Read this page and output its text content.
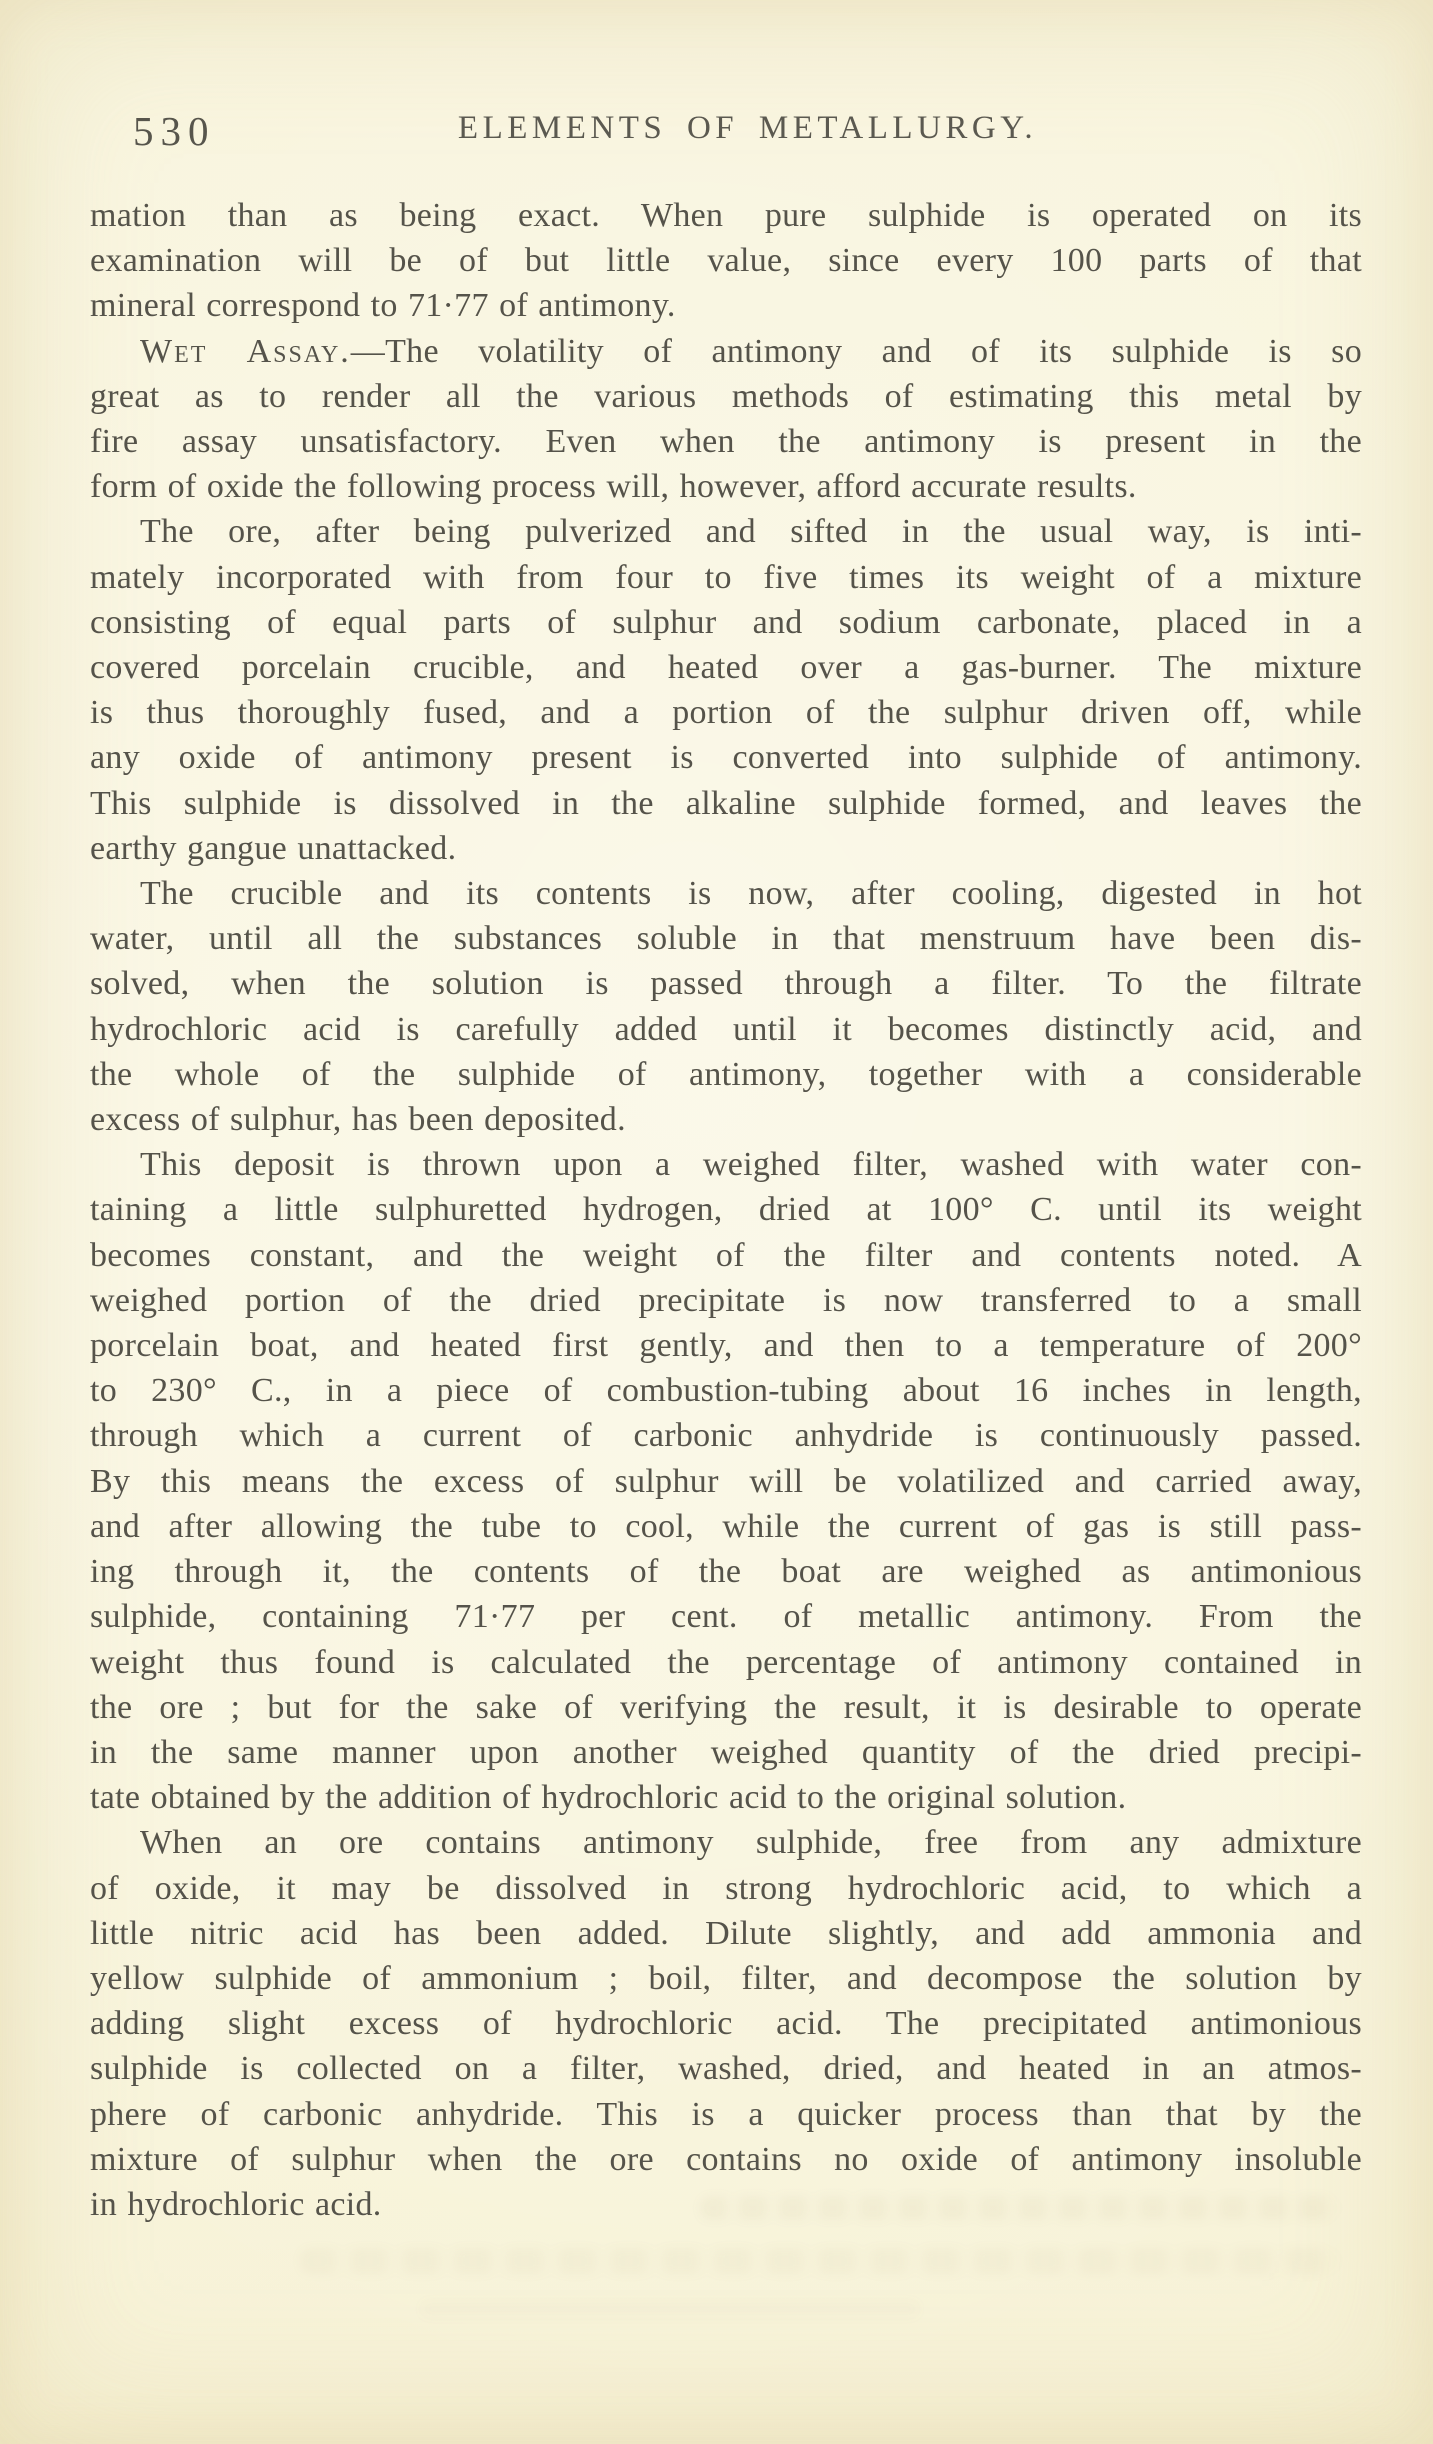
530	ELEMENTS OF METALLURGY.
mation than as being exact. When pure sulphide is operated on its
examination will be of but little value, since every 100 parts of that
mineral correspond to 71·77 of antimony.
Wet Assay.—The volatility of antimony and of its sulphide is so
great as to render all the various methods of estimating this metal by
fire assay unsatisfactory. Even when the antimony is present in the
form of oxide the following process will, however, afford accurate results.
The ore, after being pulverized and sifted in the usual way, is inti-
mately incorporated with from four to five times its weight of a mixture
consisting of equal parts of sulphur and sodium carbonate, placed in a
covered porcelain crucible, and heated over a gas-burner. The mixture
is thus thoroughly fused, and a portion of the sulphur driven off, while
any oxide of antimony present is converted into sulphide of antimony.
This sulphide is dissolved in the alkaline sulphide formed, and leaves the
earthy gangue unattacked.
The crucible and its contents is now, after cooling, digested in hot
water, until all the substances soluble in that menstruum have been dis-
solved, when the solution is passed through a filter. To the filtrate
hydrochloric acid is carefully added until it becomes distinctly acid, and
the whole of the sulphide of antimony, together with a considerable
excess of sulphur, has been deposited.
This deposit is thrown upon a weighed filter, washed with water con-
taining a little sulphuretted hydrogen, dried at 100° C. until its weight
becomes constant, and the weight of the filter and contents noted. A
weighed portion of the dried precipitate is now transferred to a small
porcelain boat, and heated first gently, and then to a temperature of 200°
to 230° C., in a piece of combustion-tubing about 16 inches in length,
through which a current of carbonic anhydride is continuously passed.
By this means the excess of sulphur will be volatilized and carried away,
and after allowing the tube to cool, while the current of gas is still pass-
ing through it, the contents of the boat are weighed as antimonious
sulphide, containing 71·77 per cent. of metallic antimony. From the
weight thus found is calculated the percentage of antimony contained in
the ore ; but for the sake of verifying the result, it is desirable to operate
in the same manner upon another weighed quantity of the dried precipi-
tate obtained by the addition of hydrochloric acid to the original solution.
When an ore contains antimony sulphide, free from any admixture
of oxide, it may be dissolved in strong hydrochloric acid, to which a
little nitric acid has been added. Dilute slightly, and add ammonia and
yellow sulphide of ammonium ; boil, filter, and decompose the solution by
adding slight excess of hydrochloric acid. The precipitated antimonious
sulphide is collected on a filter, washed, dried, and heated in an atmos-
phere of carbonic anhydride. This is a quicker process than that by the
mixture of sulphur when the ore contains no oxide of antimony insoluble
in hydrochloric acid.
